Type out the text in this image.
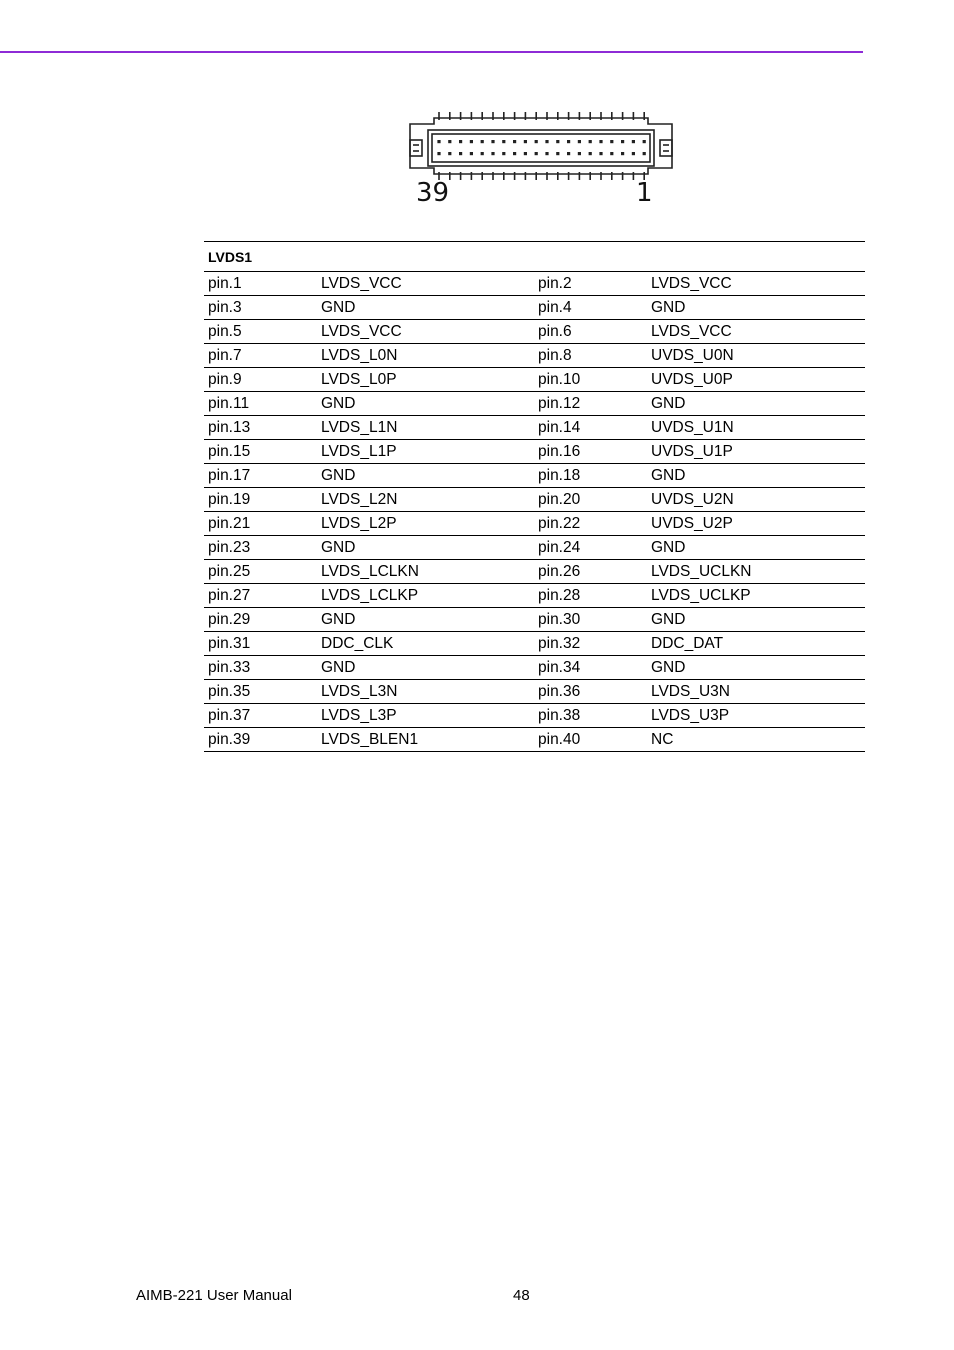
39	1
LVDS1			
pin.1	LVDS_VCC	pin.2	LVDS_VCC
pin.3	GND	pin.4	GND
pin.5	LVDS_VCC	pin.6	LVDS_VCC
pin.7	LVDS_L0N	pin.8	UVDS_U0N
pin.9	LVDS_L0P	pin.10	UVDS_U0P
pin.11	GND	pin.12	GND
pin.13	LVDS_L1N	pin.14	UVDS_U1N
pin.15	LVDS_L1P	pin.16	UVDS_U1P
pin.17	GND	pin.18	GND
pin.19	LVDS_L2N	pin.20	UVDS_U2N
pin.21	LVDS_L2P	pin.22	UVDS_U2P
pin.23	GND	pin.24	GND
pin.25	LVDS_LCLKN	pin.26	LVDS_UCLKN
pin.27	LVDS_LCLKP	pin.28	LVDS_UCLKP
pin.29	GND	pin.30	GND
pin.31	DDC_CLK	pin.32	DDC_DAT
pin.33	GND	pin.34	GND
pin.35	LVDS_L3N	pin.36	LVDS_U3N
pin.37	LVDS_L3P	pin.38	LVDS_U3P
pin.39	LVDS_BLEN1	pin.40	NC
AIMB-221 User Manual	48
